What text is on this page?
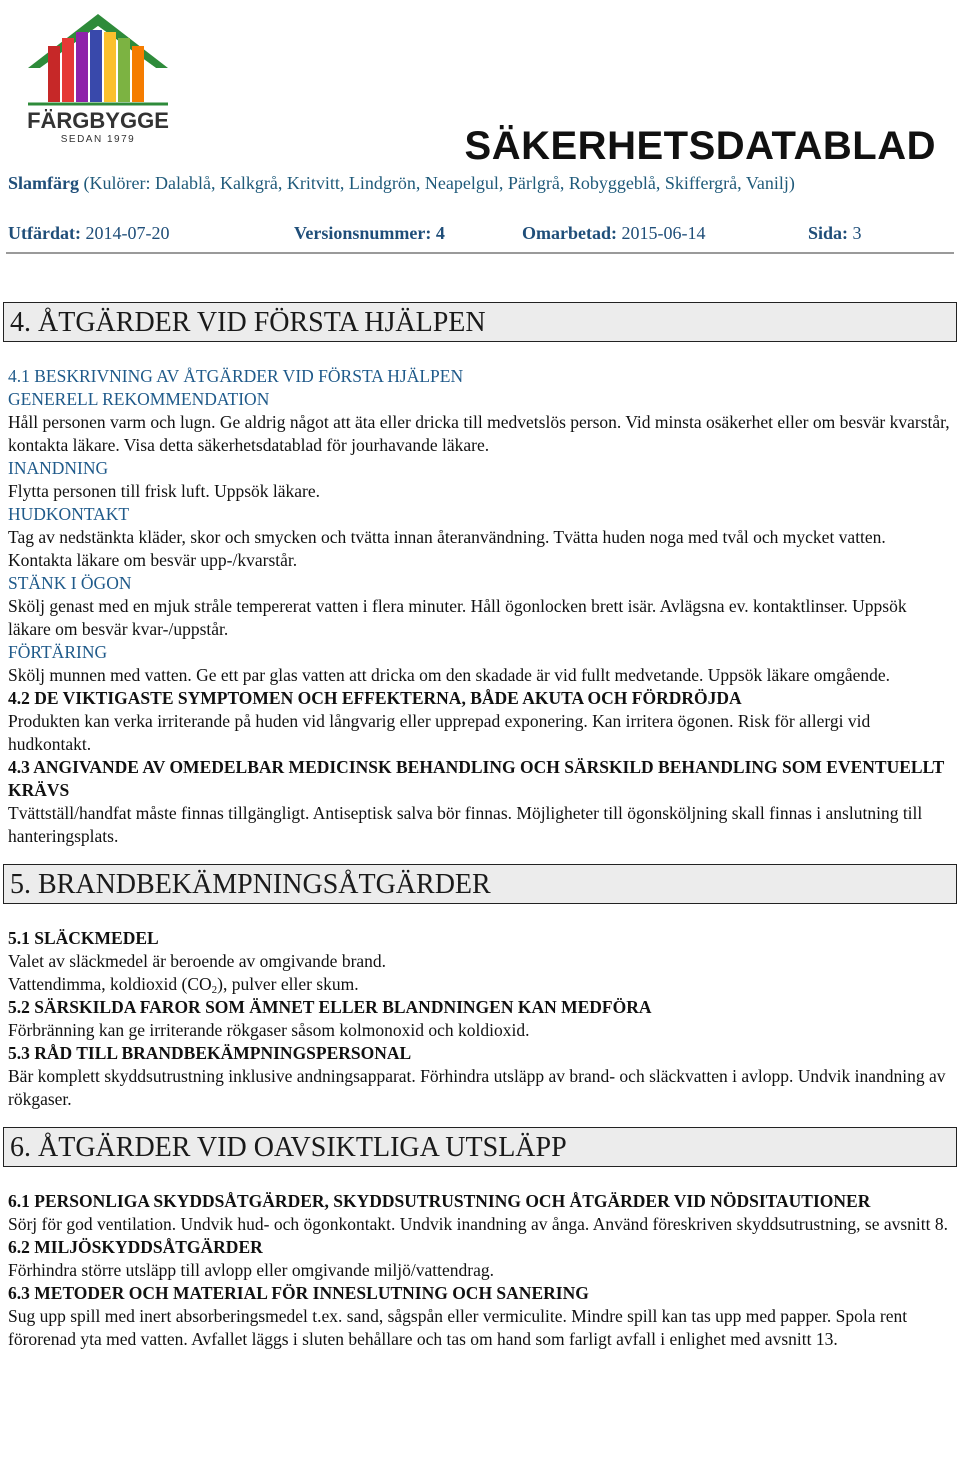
FÄRGBYGGE
SEDAN 1979	SÄKERHETSDATABLAD
Slamfärg (Kulörer: Dalablå, Kalkgrå, Kritvitt, Lindgrön, Neapelgul, Pärlgrå, Robyggeblå, Skiffergrå, Vanilj)
Utfärdat: 2014-07-20	Versionsnummer: 4	Omarbetad: 2015-06-14	Sida: 3
4. ÅTGÄRDER VID FÖRSTA HJÄLPEN
4.1 BESKRIVNING AV ÅTGÄRDER VID FÖRSTA HJÄLPEN
GENERELL REKOMMENDATION
Håll personen varm och lugn. Ge aldrig något att äta eller dricka till medvetslös person. Vid minsta osäkerhet eller om besvär kvarstår, kontakta läkare. Visa detta säkerhetsdatablad för jourhavande läkare.
INANDNING
Flytta personen till frisk luft. Uppsök läkare.
HUDKONTAKT
Tag av nedstänkta kläder, skor och smycken och tvätta innan återanvändning. Tvätta huden noga med tvål och mycket vatten. Kontakta läkare om besvär upp-/kvarstår.
STÄNK I ÖGON
Skölj genast med en mjuk stråle tempererat vatten i flera minuter. Håll ögonlocken brett isär. Avlägsna ev. kontaktlinser. Uppsök läkare om besvär kvar-/uppstår.
FÖRTÄRING
Skölj munnen med vatten. Ge ett par glas vatten att dricka om den skadade är vid fullt medvetande. Uppsök läkare omgående.
4.2 DE VIKTIGASTE SYMPTOMEN OCH EFFEKTERNA, BÅDE AKUTA OCH FÖRDRÖJDA
Produkten kan verka irriterande på huden vid långvarig eller upprepad exponering. Kan irritera ögonen. Risk för allergi vid hudkontakt.
4.3 ANGIVANDE AV OMEDELBAR MEDICINSK BEHANDLING OCH SÄRSKILD BEHANDLING SOM EVENTUELLT KRÄVS
Tvättställ/handfat måste finnas tillgängligt. Antiseptisk salva bör finnas. Möjligheter till ögonsköljning skall finnas i anslutning till hanteringsplats.
5. BRANDBEKÄMPNINGSÅTGÄRDER
5.1 SLÄCKMEDEL
Valet av släckmedel är beroende av omgivande brand.
Vattendimma, koldioxid $(CO_2)$, pulver eller skum.
5.2 SÄRSKILDA FAROR SOM ÄMNET ELLER BLANDNINGEN KAN MEDFÖRA
Förbränning kan ge irriterande rökgaser såsom kolmonoxid och koldioxid.
5.3 RÅD TILL BRANDBEKÄMPNINGSPERSONAL
Bär komplett skyddsutrustning inklusive andningsapparat. Förhindra utsläpp av brand- och släckvatten i avlopp. Undvik inandning av rökgaser.
6. ÅTGÄRDER VID OAVSIKTLIGA UTSLÄPP
6.1 PERSONLIGA SKYDDSÅTGÄRDER, SKYDDSUTRUSTNING OCH ÅTGÄRDER VID NÖDSITAUTIONER
Sörj för god ventilation. Undvik hud- och ögonkontakt. Undvik inandning av ånga. Använd föreskriven skyddsutrustning, se avsnitt 8.
6.2 MILJÖSKYDDSÅTGÄRDER
Förhindra större utsläpp till avlopp eller omgivande miljö/vattendrag.
6.3 METODER OCH MATERIAL FÖR INNESLUTNING OCH SANERING
Sug upp spill med inert absorberingsmedel t.ex. sand, sågspån eller vermiculite. Mindre spill kan tas upp med papper. Spola rent förorenad yta med vatten. Avfallet läggs i sluten behållare och tas om hand som farligt avfall i enlighet med avsnitt 13.
